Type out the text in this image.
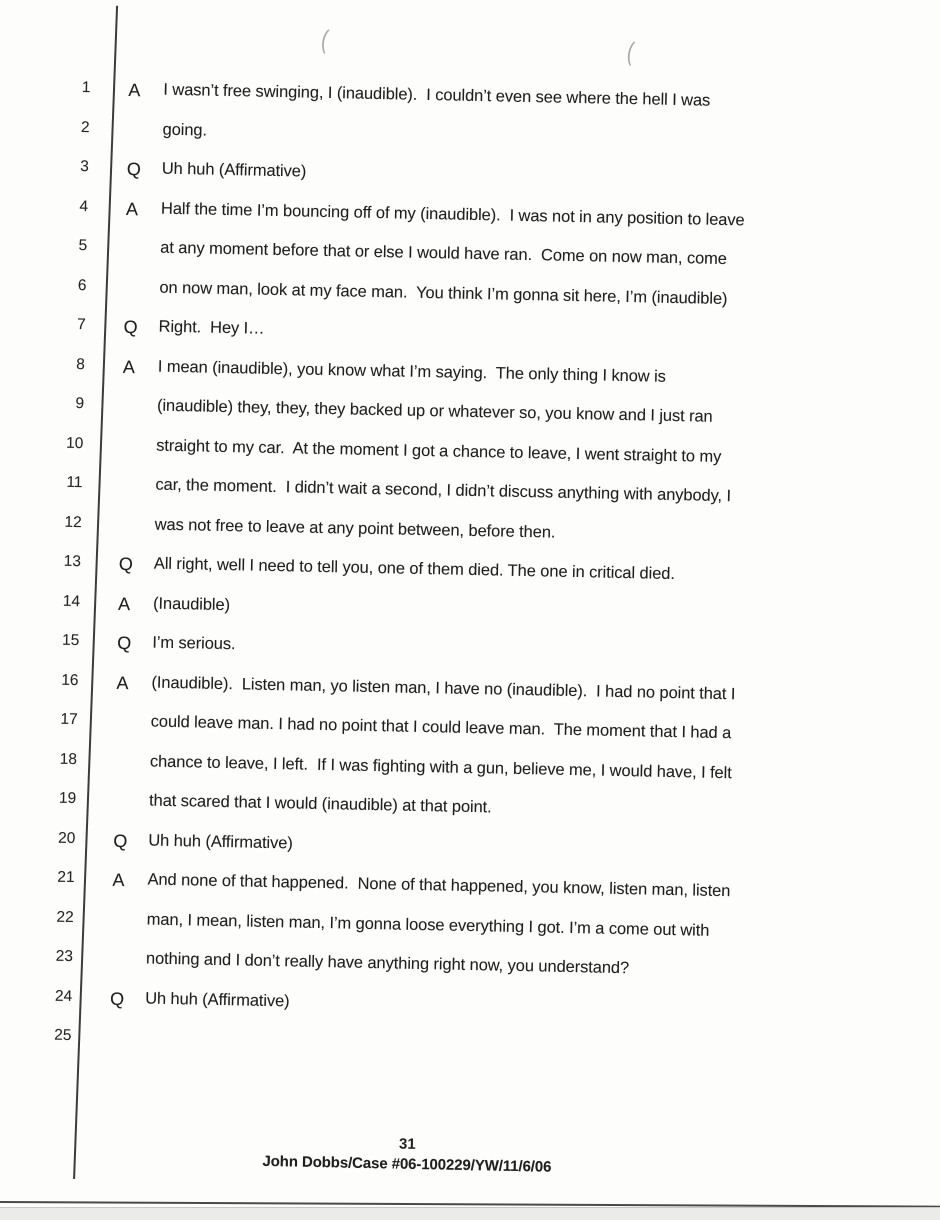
(	(
1 A	I wasn’t free swinging, I (inaudible).  I couldn’t even see where the hell I was
2	going.
3 Q	Uh huh (Affirmative)
4 A	Half the time I’m bouncing off of my (inaudible).  I was not in any position to leave
5	at any moment before that or else I would have ran.  Come on now man, come
6	on now man, look at my face man.  You think I’m gonna sit here, I’m (inaudible)
7 Q	Right.  Hey I…
8 A	I mean (inaudible), you know what I’m saying.  The only thing I know is
9	(inaudible) they, they, they backed up or whatever so, you know and I just ran
10	straight to my car.  At the moment I got a chance to leave, I went straight to my
11	car, the moment.  I didn’t wait a second, I didn’t discuss anything with anybody, I
12	was not free to leave at any point between, before then.
13 Q	All right, well I need to tell you, one of them died. The one in critical died.
14 A	(Inaudible)
15 Q	I’m serious.
16 A	(Inaudible).  Listen man, yo listen man, I have no (inaudible).  I had no point that I
17	could leave man. I had no point that I could leave man.  The moment that I had a
18	chance to leave, I left.  If I was fighting with a gun, believe me, I would have, I felt
19	that scared that I would (inaudible) at that point.
20 Q	Uh huh (Affirmative)
21 A	And none of that happened.  None of that happened, you know, listen man, listen
22	man, I mean, listen man, I’m gonna loose everything I got. I’m a come out with
23	nothing and I don’t really have anything right now, you understand?
24 Q	Uh huh (Affirmative)
25
31
John Dobbs/Case #06-100229/YW/11/6/06
